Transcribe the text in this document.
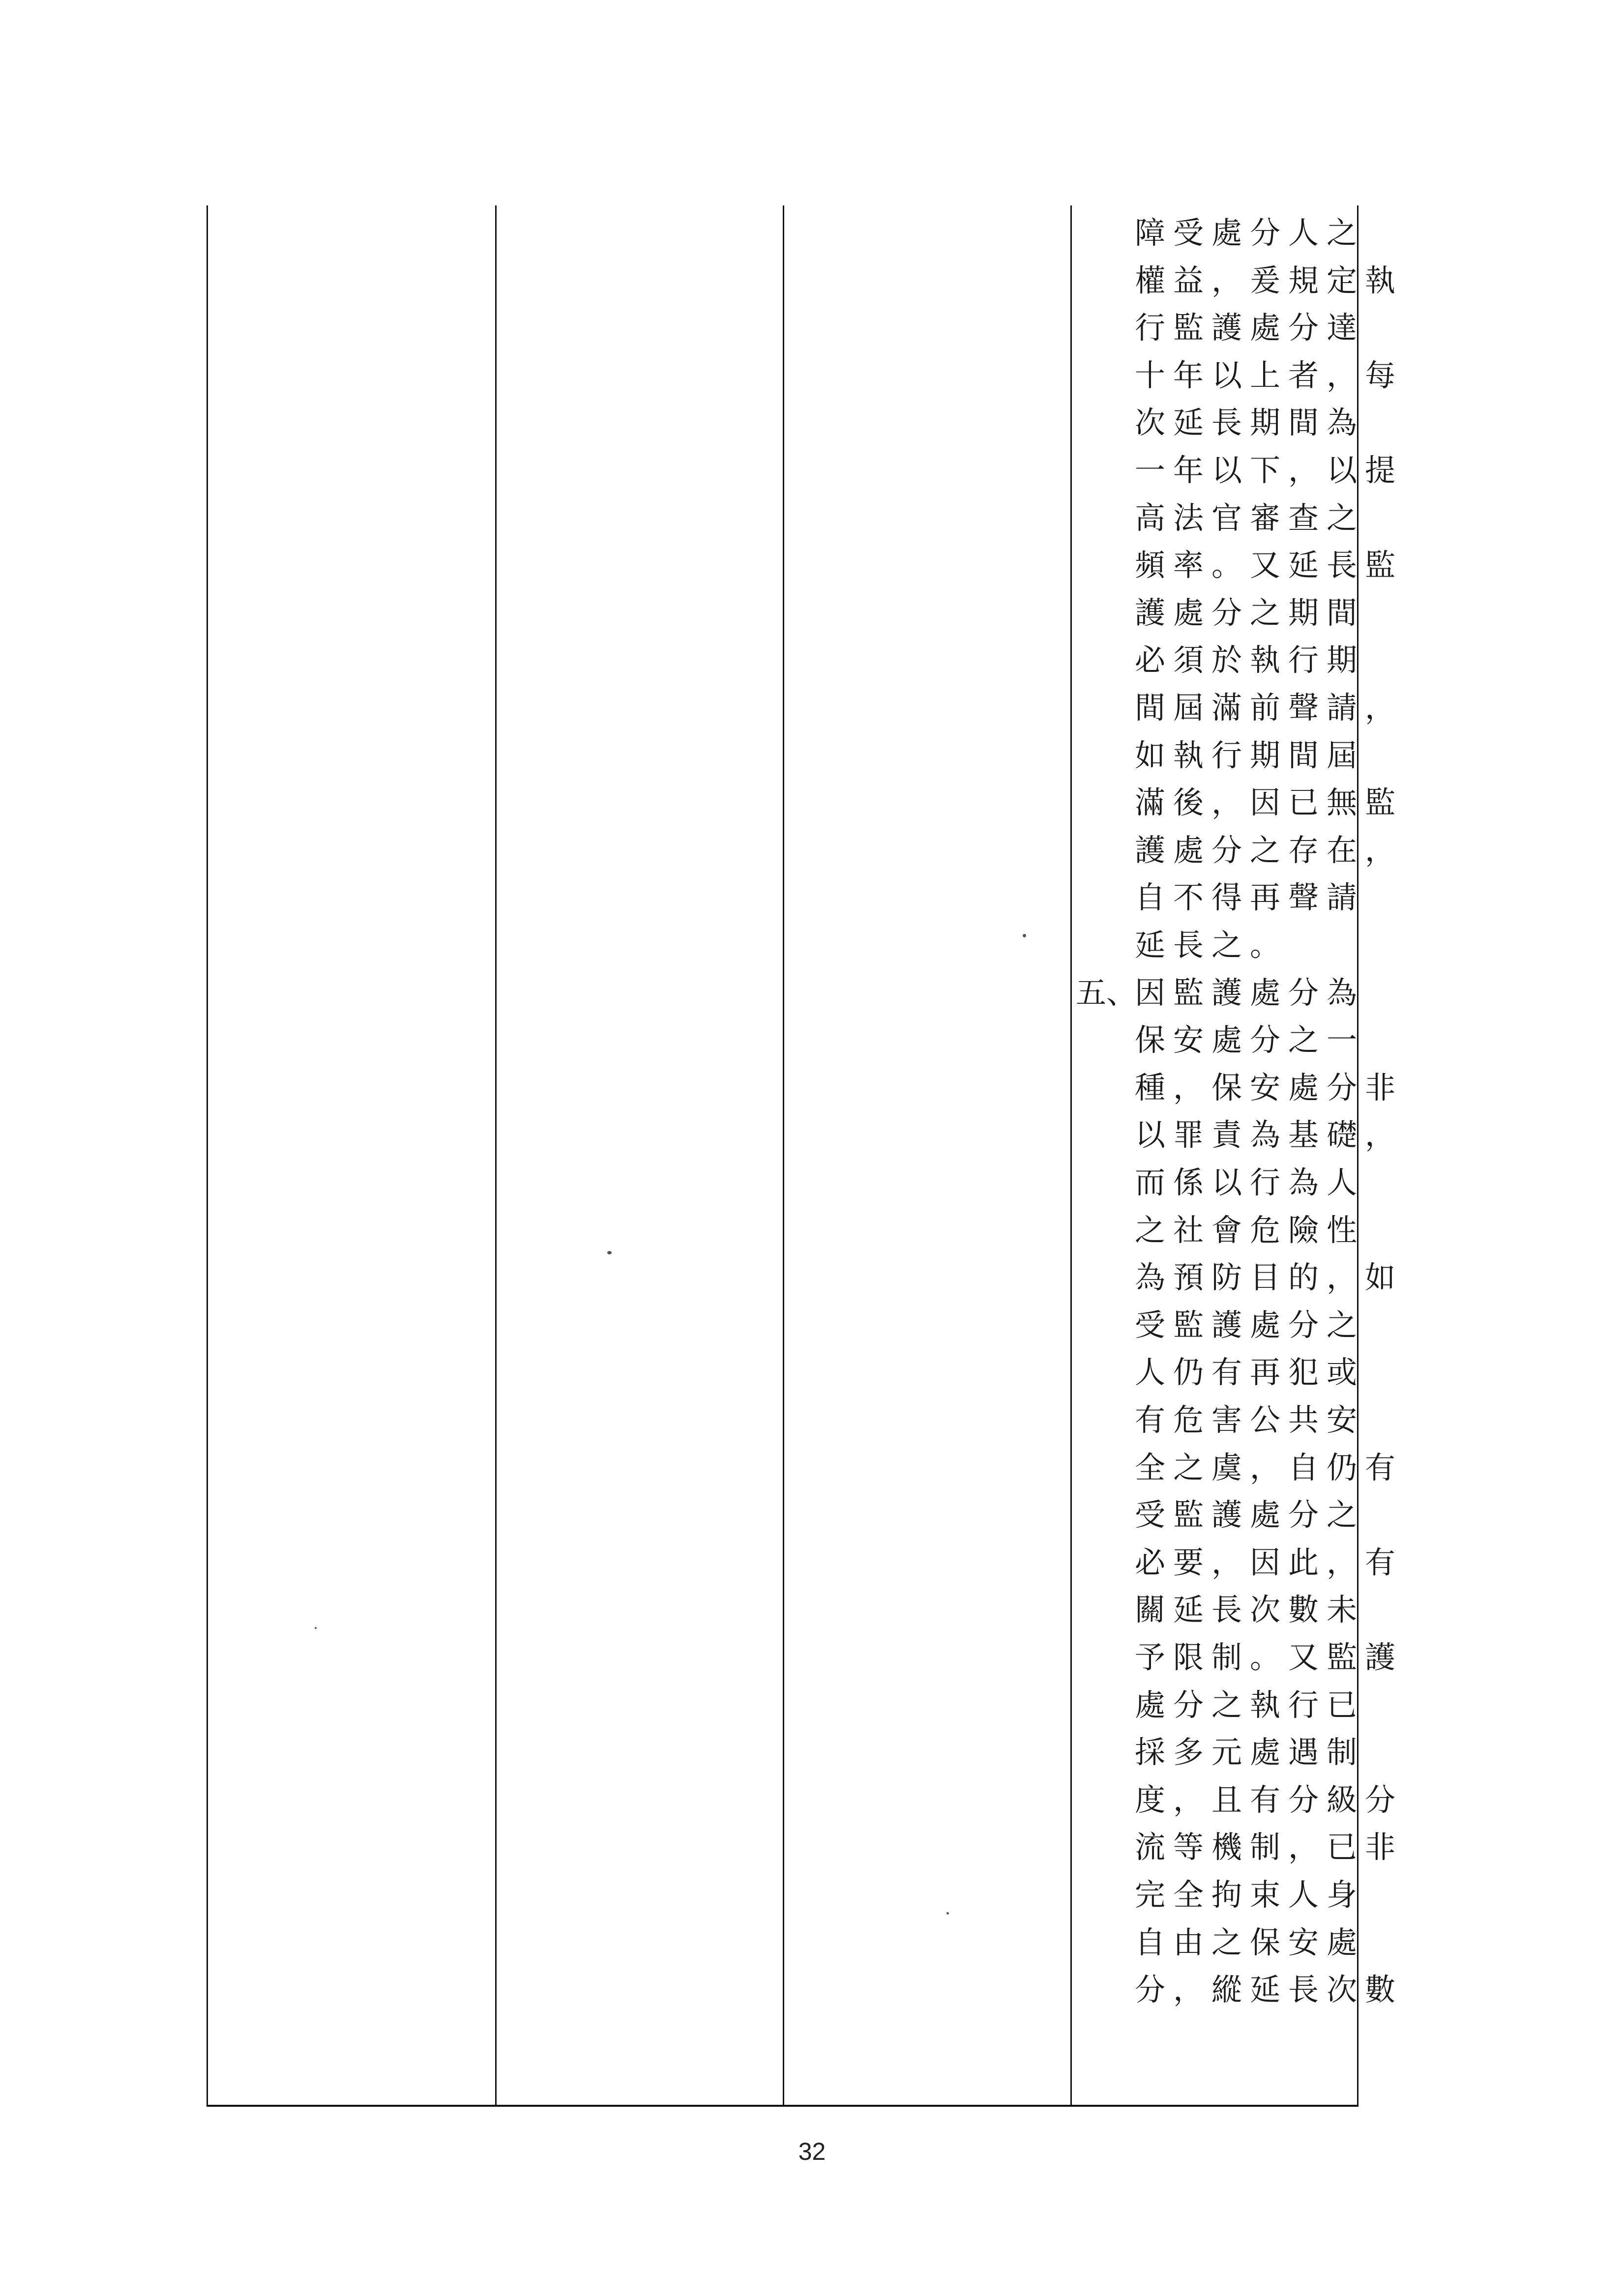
障受處分人之
權益，爰規定執
行監護處分達
十年以上者，每
次延長期間為
一年以下，以提
高法官審查之
頻率。又延長監
護處分之期間
必須於執行期
間屆滿前聲請，
如執行期間屆
滿後，因已無監
護處分之存在，
自不得再聲請
延長之。
五、
因監護處分為
保安處分之一
種，保安處分非
以罪責為基礎，
而係以行為人
之社會危險性
為預防目的，如
受監護處分之
人仍有再犯或
有危害公共安
全之虞，自仍有
受監護處分之
必要，因此，有
關延長次數未
予限制。又監護
處分之執行已
採多元處遇制
度，且有分級分
流等機制，已非
完全拘束人身
自由之保安處
分，縱延長次數
32
